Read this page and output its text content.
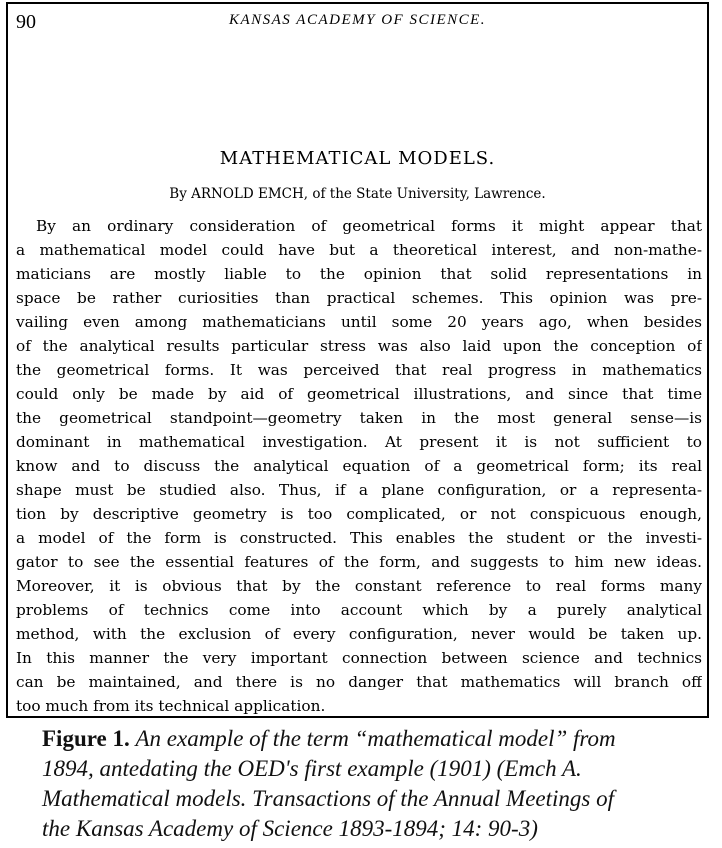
90	KANSAS ACADEMY OF SCIENCE.
MATHEMATICAL MODELS.
By ARNOLD EMCH, of the State University, Lawrence.
By an ordinary consideration of geometrical forms it might appear that
a mathematical model could have but a theoretical interest, and non-mathe-
maticians are mostly liable to the opinion that solid representations in
space be rather curiosities than practical schemes. This opinion was pre-
vailing even among mathematicians until some 20 years ago, when besides
of the analytical results particular stress was also laid upon the conception of
the geometrical forms. It was perceived that real progress in mathematics
could only be made by aid of geometrical illustrations, and since that time
the geometrical standpoint—geometry taken in the most general sense—is
dominant in mathematical investigation. At present it is not sufficient to
know and to discuss the analytical equation of a geometrical form; its real
shape must be studied also. Thus, if a plane configuration, or a representa-
tion by descriptive geometry is too complicated, or not conspicuous enough,
a model of the form is constructed. This enables the student or the investi-
gator to see the essential features of the form, and suggests to him new ideas.
Moreover, it is obvious that by the constant reference to real forms many
problems of technics come into account which by a purely analytical
method, with the exclusion of every configuration, never would be taken up.
In this manner the very important connection between science and technics
can be maintained, and there is no danger that mathematics will branch off
too much from its technical application.
Figure 1. An example of the term “mathematical model” from
1894, antedating the OED's first example (1901) (Emch A.
Mathematical models. Transactions of the Annual Meetings of
the Kansas Academy of Science 1893-1894; 14: 90-3)
